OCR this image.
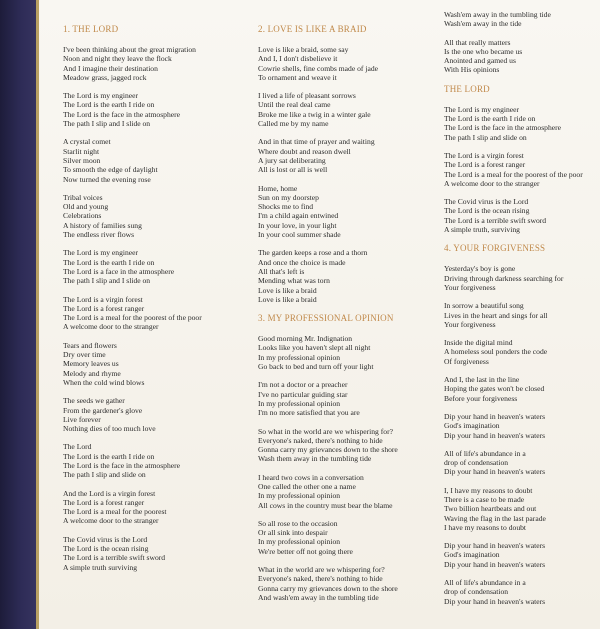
1. THE LORD
I've been thinking about the great migration
Noon and night they leave the flock
And I imagine their destination
Meadow grass, jagged rock
The Lord is my engineer
The Lord is the earth I ride on
The Lord is the face in the atmosphere
The path I slip and I slide on
A crystal comet
Starlit night
Silver moon
To smooth the edge of daylight
Now turned the evening rose
Tribal voices
Old and young
Celebrations
A history of families sung
The endless river flows
The Lord is my engineer
The Lord is the earth I ride on
The Lord is a face in the atmosphere
The path I slip and I slide on
The Lord is a virgin forest
The Lord is a forest ranger
The Lord is a meal for the poorest of the poor
A welcome door to the stranger
Tears and flowers
Dry over time
Memory leaves us
Melody and rhyme
When the cold wind blows
The seeds we gather
From the gardener's glove
Live forever
Nothing dies of too much love
The Lord
The Lord is the earth I ride on
The Lord is the face in the atmosphere
The path I slip and slide on
And the Lord is a virgin forest
The Lord is a forest ranger
The Lord is a meal for the poorest
A welcome door to the stranger
The Covid virus is the Lord
The Lord is the ocean rising
The Lord is a terrible swift sword
A simple truth surviving
2. LOVE IS LIKE A BRAID
Love is like a braid, some say
And I, I don't disbelieve it
Cowrie shells, fine combs made of jade
To ornament and weave it
I lived a life of pleasant sorrows
Until the real deal came
Broke me like a twig in a winter gale
Called me by my name
And in that time of prayer and waiting
Where doubt and reason dwell
A jury sat deliberating
All is lost or all is well
Home, home
Sun on my doorstep
Shocks me to find
I'm a child again entwined
In your love, in your light
In your cool summer shade
The garden keeps a rose and a thorn
And once the choice is made
All that's left is
Mending what was torn
Love is like a braid
Love is like a braid
3. MY PROFESSIONAL OPINION
Good morning Mr. Indignation
Looks like you haven't slept all night
In my professional opinion
Go back to bed and turn off your light
I'm not a doctor or a preacher
I've no particular guiding star
In my professional opinion
I'm no more satisfied that you are
So what in the world are we whispering for?
Everyone's naked, there's nothing to hide
Gonna carry my grievances down to the shore
Wash them away in the tumbling tide
I heard two cows in a conversation
One called the other one a name
In my professional opinion
All cows in the country must bear the blame
So all rose to the occasion
Or all sink into despair
In my professional opinion
We're better off not going there
What in the world are we whispering for?
Everyone's naked, there's nothing to hide
Gonna carry my grievances down to the shore
And wash'em away in the tumbling tide
Wash'em away in the tumbling tide
Wash'em away in the tide
All that really matters
Is the one who became us
Anointed and gamed us
With His opinions
THE LORD
The Lord is my engineer
The Lord is the earth I ride on
The Lord is the face in the atmosphere
The path I slip and slide on
The Lord is a virgin forest
The Lord is a forest ranger
The Lord is a meal for the poorest of the poor
A welcome door to the stranger
The Covid virus is the Lord
The Lord is the ocean rising
The Lord is a terrible swift sword
A simple truth, surviving
4. YOUR FORGIVENESS
Yesterday's boy is gone
Driving through darkness searching for
Your forgiveness
In sorrow a beautiful song
Lives in the heart and sings for all
Your forgiveness
Inside the digital mind
A homeless soul ponders the code
Of forgiveness
And I, the last in the line
Hoping the gates won't be closed
Before your forgiveness
Dip your hand in heaven's waters
God's imagination
Dip your hand in heaven's waters
All of life's abundance in a
drop of condensation
Dip your hand in heaven's waters
I, I have my reasons to doubt
There is a case to be made
Two billion heartbeats and out
Waving the flag in the last parade
I have my reasons to doubt
Dip your hand in heaven's waters
God's imagination
Dip your hand in heaven's waters
All of life's abundance in a
drop of condensation
Dip your hand in heaven's waters
